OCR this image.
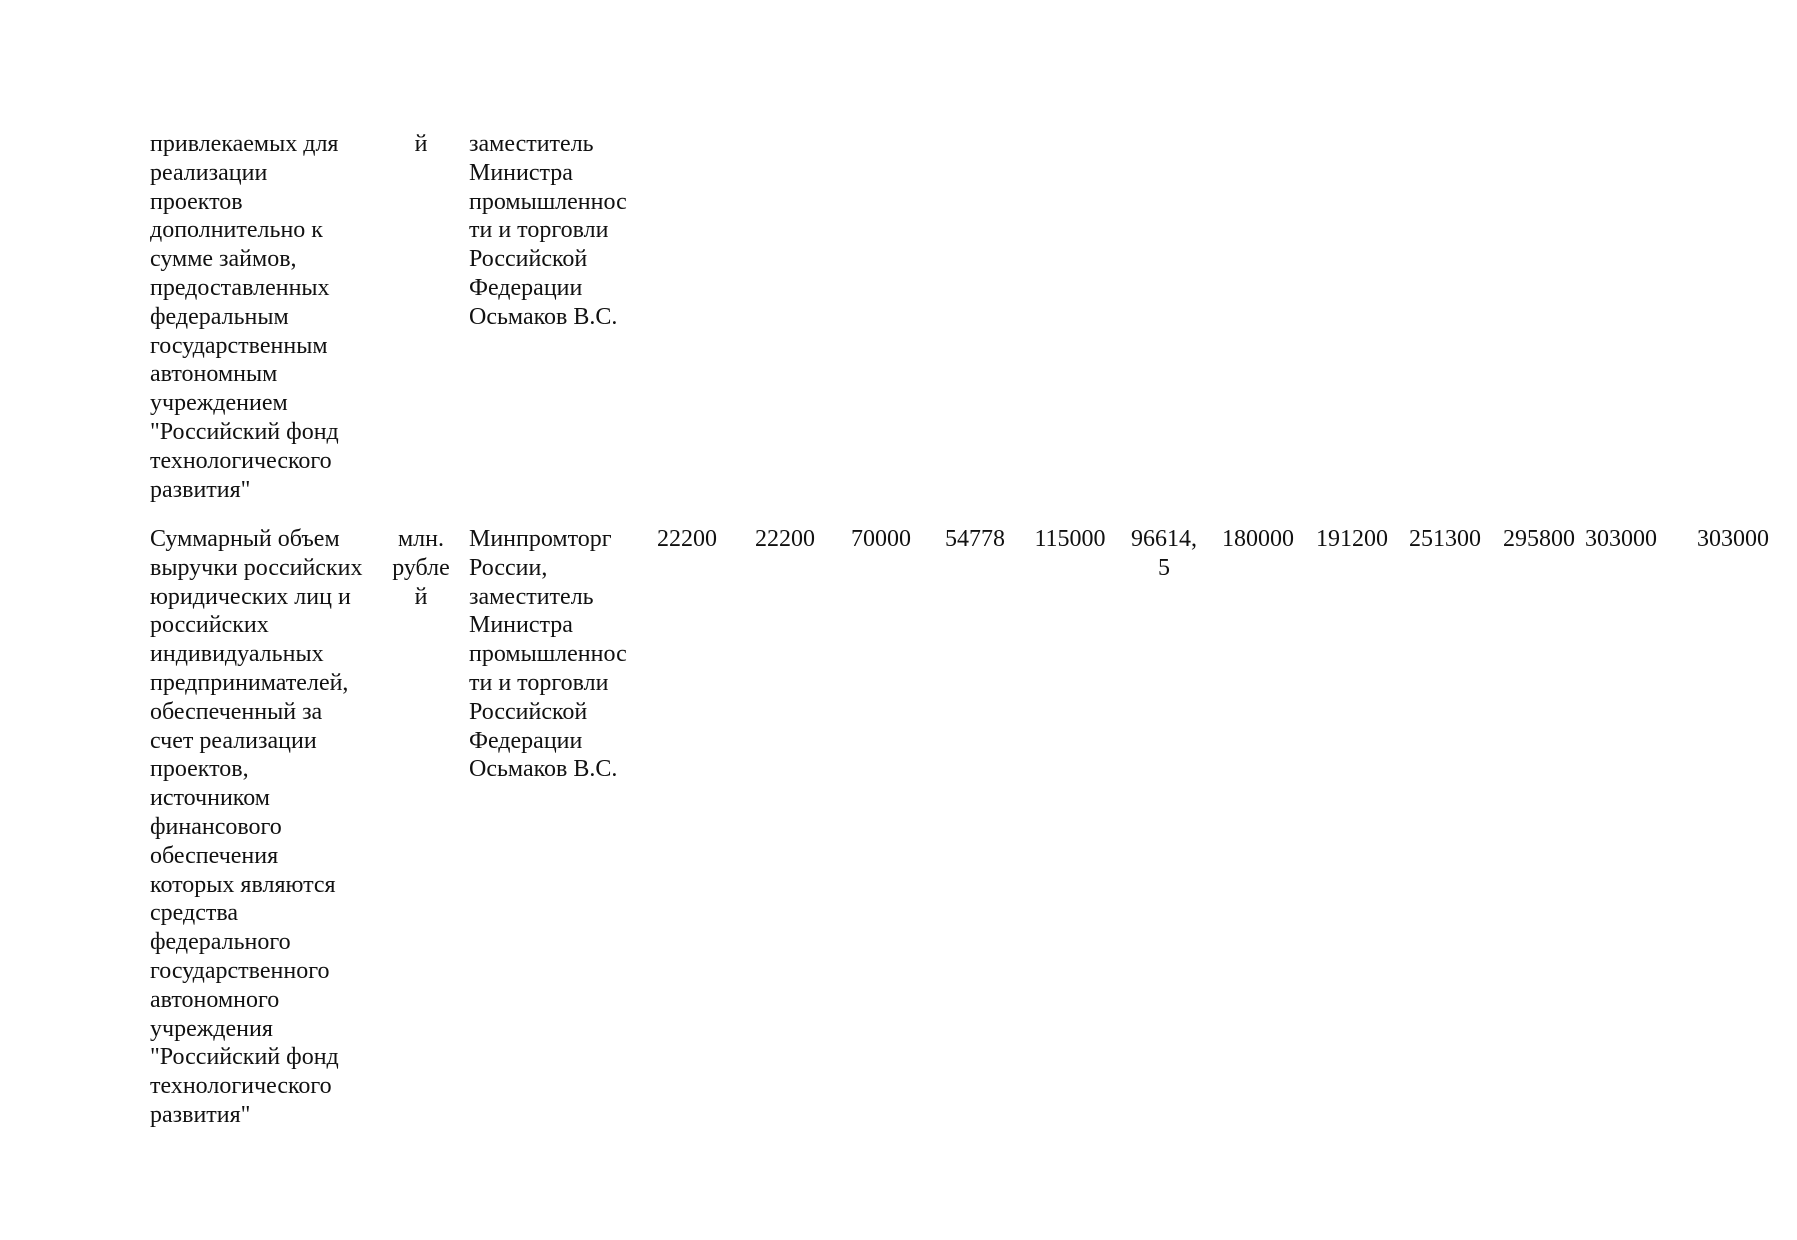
привлекаемых для
реализации
проектов
дополнительно к
сумме займов,
предоставленных
федеральным
государственным
автономным
учреждением
"Российский фонд
технологического
развития"
й	заместитель
Министра
промышленнос
ти и торговли
Российской
Федерации
Осьмаков В.С.
Суммарный объем
выручки российских
юридических лиц и
российских
индивидуальных
предпринимателей,
обеспеченный за
счет реализации
проектов,
источником
финансового
обеспечения
которых являются
средства
федерального
государственного
автономного
учреждения
"Российский фонд
технологического
развития"
млн.
рубле
й
Минпромторг
России,
заместитель
Министра
промышленнос
ти и торговли
Российской
Федерации
Осьмаков В.С.
22200 22200 70000 54778 115000 96614,
5
180000 191200 251300 295800 303000 303000
